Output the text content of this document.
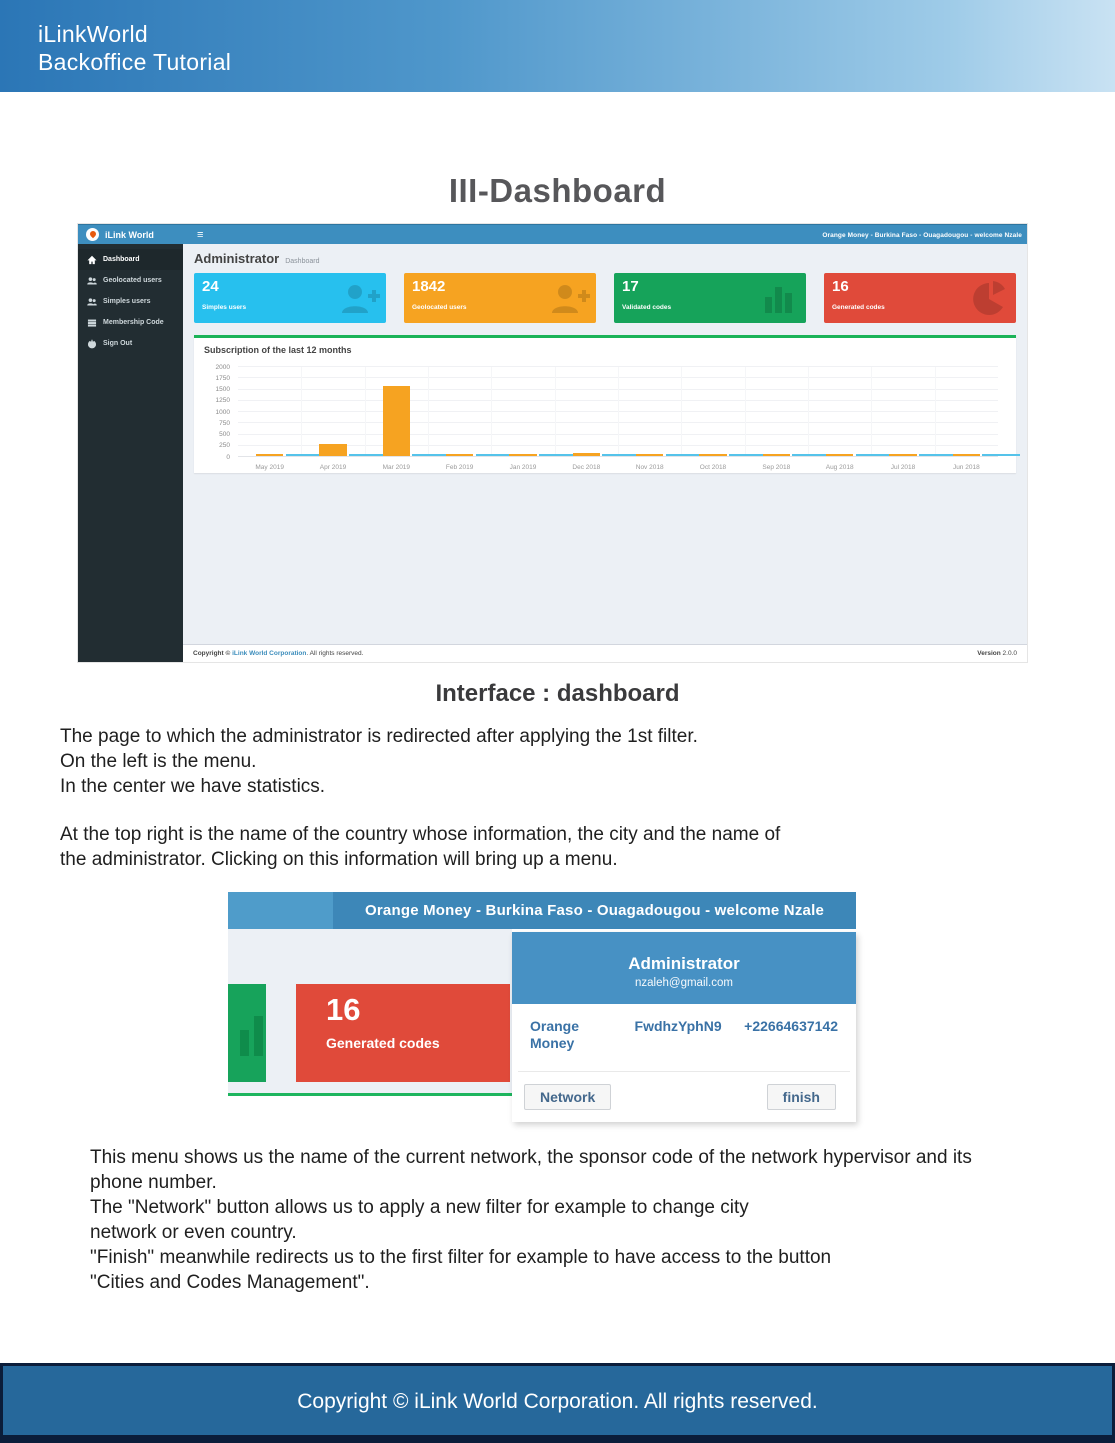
iLinkWorld
Backoffice Tutorial
III-Dashboard
iLink World	≡	Orange Money - Burkina Faso - Ouagadougou - welcome Nzale
Dashboard
Geolocated users
Simples users
Membership Code
Sign Out
Administrator Dashboard
24
Simples users
1842
Geolocated users
17
Validated codes
16
Generated codes
Subscription of the last 12 months
0
250
500
750
1000
1250
1500
1750
2000
May 2019	Apr 2019	Mar 2019	Feb 2019	Jan 2019	Dec 2018	Nov 2018	Oct 2018	Sep 2018	Aug 2018	Jul 2018	Jun 2018
Copyright © iLink World Corporation. All rights reserved.	Version 2.0.0
Interface : dashboard
The page to which the administrator is redirected after applying the 1st filter.
On the left is the menu.
In the center we have statistics.
At the top right is the name of the country whose information, the city and the name of
the administrator. Clicking on this information will bring up a menu.
Orange Money - Burkina Faso - Ouagadougou - welcome Nzale
16
Generated codes
Administrator
nzaleh@gmail.com
Orange Money
FwdhzYphN9	+22664637142
Network	finish
This menu shows us the name of the current network, the sponsor code of the network hypervisor and its
phone number.
The "Network" button allows us to apply a new filter for example to change city
network or even country.
"Finish" meanwhile redirects us to the first filter for example to have access to the button
"Cities and Codes Management".
Copyright © iLink World Corporation. All rights reserved.
